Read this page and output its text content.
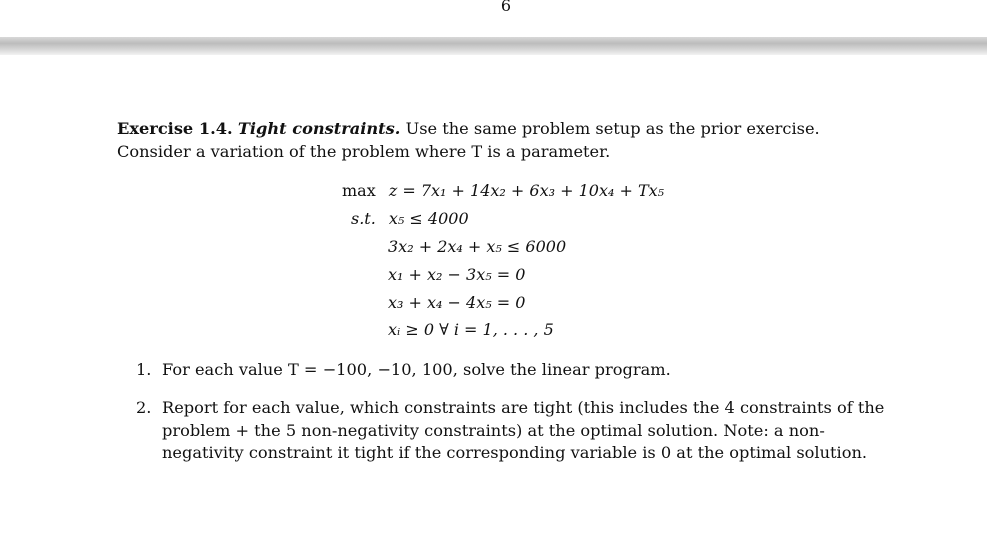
6
Exercise 1.4. Tight constraints. Use the same problem setup as the prior exercise. Consider a variation of the problem where T is a parameter.
max z = 7x₁ + 14x₂ + 6x₃ + 10x₄ + Tx₅
s.t. x₅ ≤ 4000
3x₂ + 2x₄ + x₅ ≤ 6000
x₁ + x₂ − 3x₅ = 0
x₃ + x₄ − 4x₅ = 0
xᵢ ≥ 0 ∀ i = 1, . . . , 5
1. For each value T = −100, −10, 100, solve the linear program.
2. Report for each value, which constraints are tight (this includes the 4 constraints of the problem + the 5 non-negativity constraints) at the optimal solution. Note: a non-negativity constraint it tight if the corresponding variable is 0 at the optimal solution.
